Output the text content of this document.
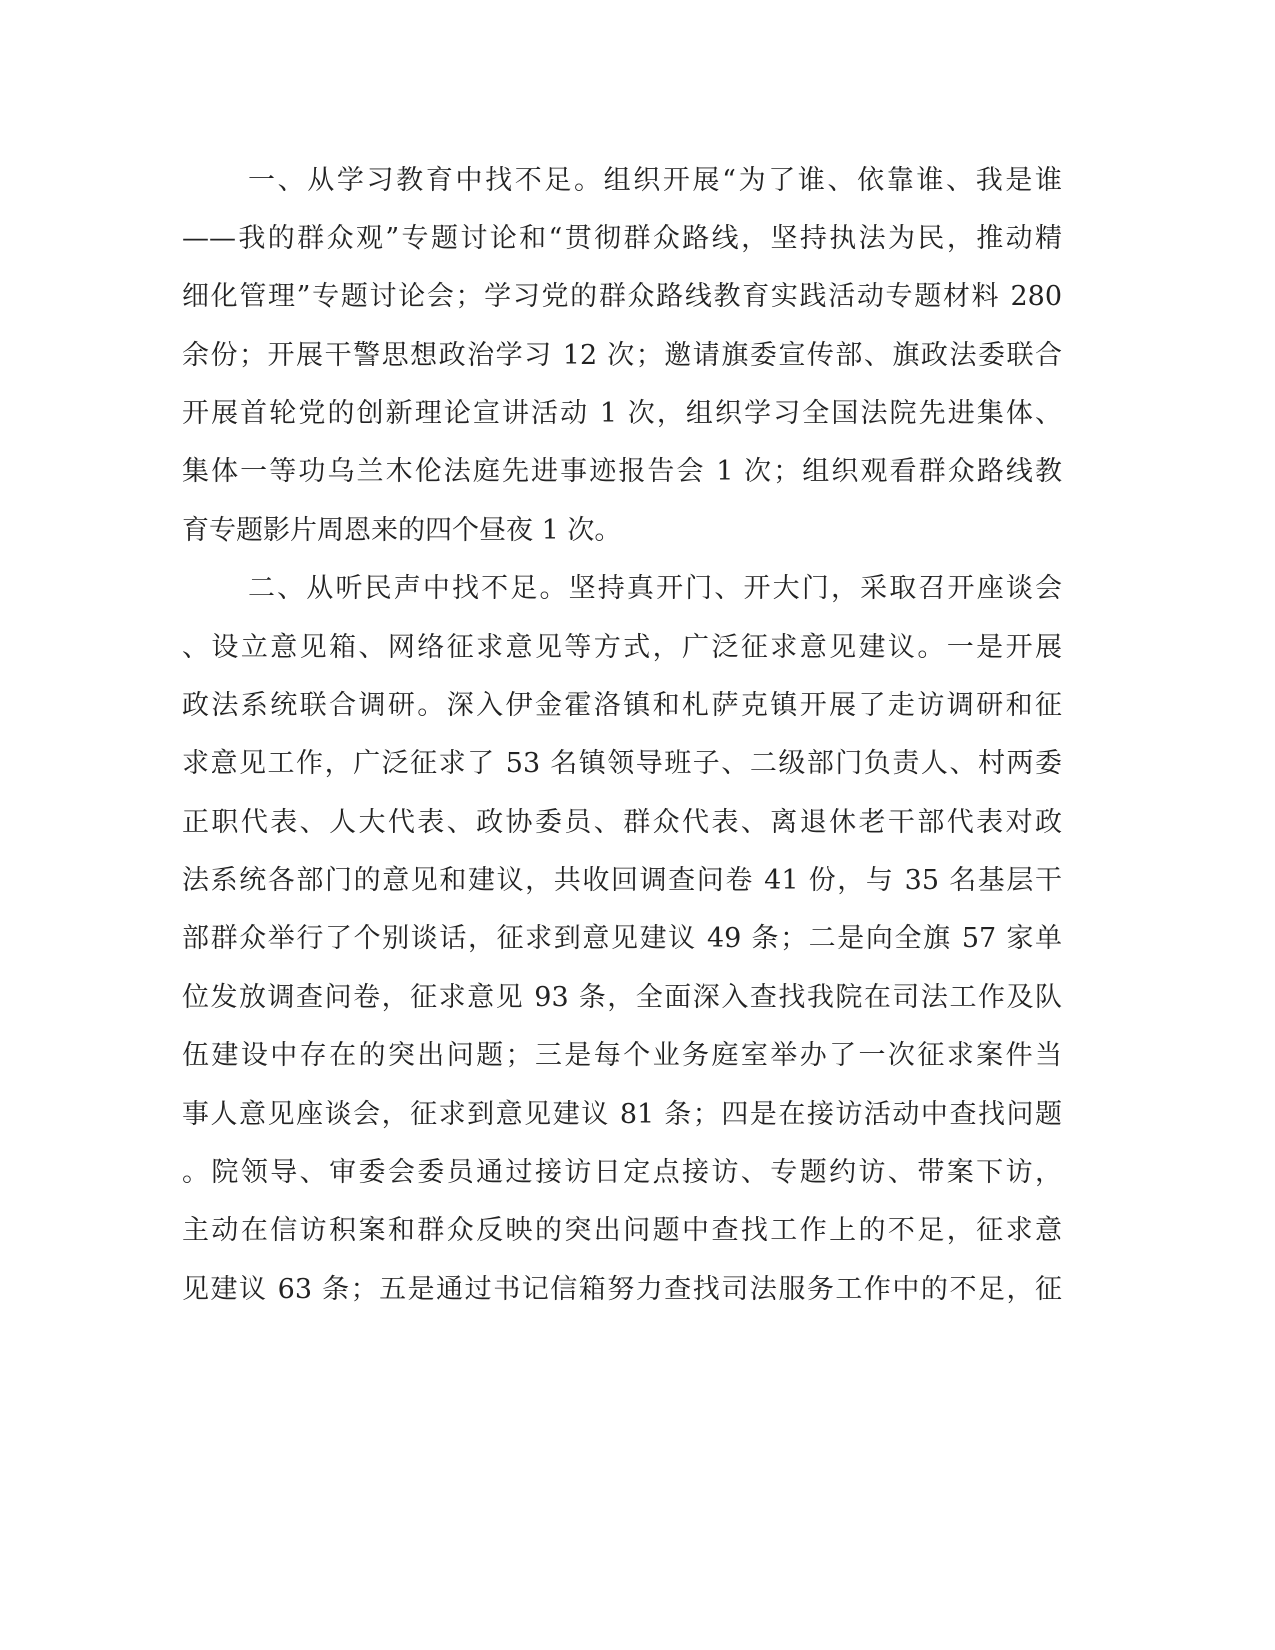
一、从学习教育中找不足。组织开展“为了谁、依靠谁、我是谁

——我的群众观”专题讨论和“贯彻群众路线，坚持执法为民，推动精

细化管理”专题讨论会；学习党的群众路线教育实践活动专题材料 280

余份；开展干警思想政治学习 12 次；邀请旗委宣传部、旗政法委联合

开展首轮党的创新理论宣讲活动 1 次，组织学习全国法院先进集体、

集体一等功乌兰木伦法庭先进事迹报告会 1 次；组织观看群众路线教

育专题影片周恩来的四个昼夜 1 次。

二、从听民声中找不足。坚持真开门、开大门，采取召开座谈会

、设立意见箱、网络征求意见等方式，广泛征求意见建议。一是开展

政法系统联合调研。深入伊金霍洛镇和札萨克镇开展了走访调研和征

求意见工作，广泛征求了 53 名镇领导班子、二级部门负责人、村两委

正职代表、人大代表、政协委员、群众代表、离退休老干部代表对政

法系统各部门的意见和建议，共收回调查问卷 41 份，与 35 名基层干

部群众举行了个别谈话，征求到意见建议 49 条；二是向全旗 57 家单

位发放调查问卷，征求意见 93 条，全面深入查找我院在司法工作及队

伍建设中存在的突出问题；三是每个业务庭室举办了一次征求案件当

事人意见座谈会，征求到意见建议 81 条；四是在接访活动中查找问题

。院领导、审委会委员通过接访日定点接访、专题约访、带案下访，

主动在信访积案和群众反映的突出问题中查找工作上的不足，征求意

见建议 63 条；五是通过书记信箱努力查找司法服务工作中的不足，征
